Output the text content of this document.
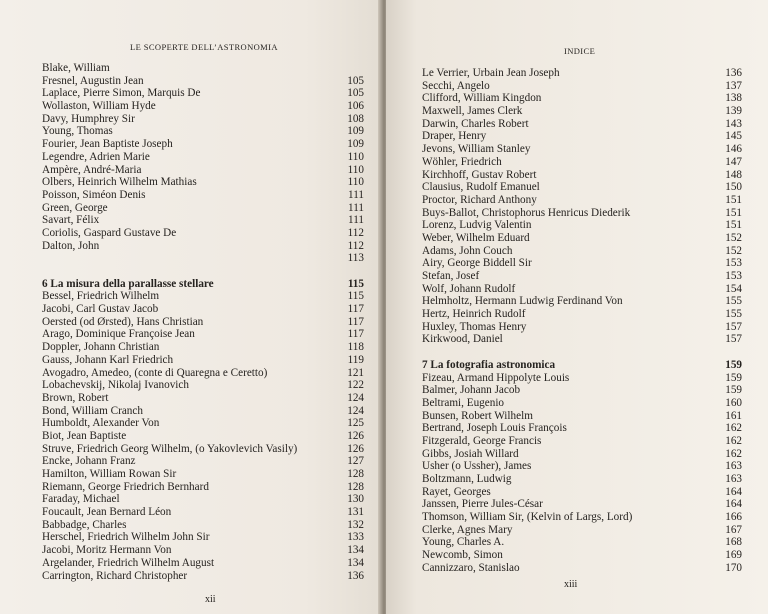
LE SCOPERTE DELL’ASTRONOMIA
Blake, William
Fresnel, Augustin Jean	105
Laplace, Pierre Simon, Marquis De	105
Wollaston, William Hyde	106
Davy, Humphrey Sir	108
Young, Thomas	109
Fourier, Jean Baptiste Joseph	109
Legendre, Adrien Marie	110
Ampère, André-Maria	110
Olbers, Heinrich Wilhelm Mathias	110
Poisson, Siméon Denis	111
Green, George	111
Savart, Félix	111
Coriolis, Gaspard Gustave De	112
Dalton, John	112
113
6 La misura della parallasse stellare	115
Bessel, Friedrich Wilhelm	115
Jacobi, Carl Gustav Jacob	117
Oersted (od Ørsted), Hans Christian	117
Arago, Dominique Françoise Jean	117
Doppler, Johann Christian	118
Gauss, Johann Karl Friedrich	119
Avogadro, Amedeo, (conte di Quaregna e Ceretto)	121
Lobachevskij, Nikolaj Ivanovich	122
Brown, Robert	124
Bond, William Cranch	124
Humboldt, Alexander Von	125
Biot, Jean Baptiste	126
Struve, Friedrich Georg Wilhelm, (o Yakovlevich Vasily)	126
Encke, Johann Franz	127
Hamilton, William Rowan Sir	128
Riemann, George Friedrich Bernhard	128
Faraday, Michael	130
Foucault, Jean Bernard Léon	131
Babbadge, Charles	132
Herschel, Friedrich Wilhelm John Sir	133
Jacobi, Moritz Hermann Von	134
Argelander, Friedrich Wilhelm August	134
Carrington, Richard Christopher	136
xii
INDICE
Le Verrier, Urbain Jean Joseph	136
Secchi, Angelo	137
Clifford, William Kingdon	138
Maxwell, James Clerk	139
Darwin, Charles Robert	143
Draper, Henry	145
Jevons, William Stanley	146
Wöhler, Friedrich	147
Kirchhoff, Gustav Robert	148
Clausius, Rudolf Emanuel	150
Proctor, Richard Anthony	151
Buys-Ballot, Christophorus Henricus Diederik	151
Lorenz, Ludvig Valentin	151
Weber, Wilhelm Eduard	152
Adams, John Couch	152
Airy, George Biddell Sir	153
Stefan, Josef	153
Wolf, Johann Rudolf	154
Helmholtz, Hermann Ludwig Ferdinand Von	155
Hertz, Heinrich Rudolf	155
Huxley, Thomas Henry	157
Kirkwood, Daniel	157
7 La fotografia astronomica	159
Fizeau, Armand Hippolyte Louis	159
Balmer, Johann Jacob	159
Beltrami, Eugenio	160
Bunsen, Robert Wilhelm	161
Bertrand, Joseph Louis François	162
Fitzgerald, George Francis	162
Gibbs, Josiah Willard	162
Usher (o Ussher), James	163
Boltzmann, Ludwig	163
Rayet, Georges	164
Janssen, Pierre Jules-César	164
Thomson, William Sir, (Kelvin of Largs, Lord)	166
Clerke, Agnes Mary	167
Young, Charles A.	168
Newcomb, Simon	169
Cannizzaro, Stanislao	170
xiii
